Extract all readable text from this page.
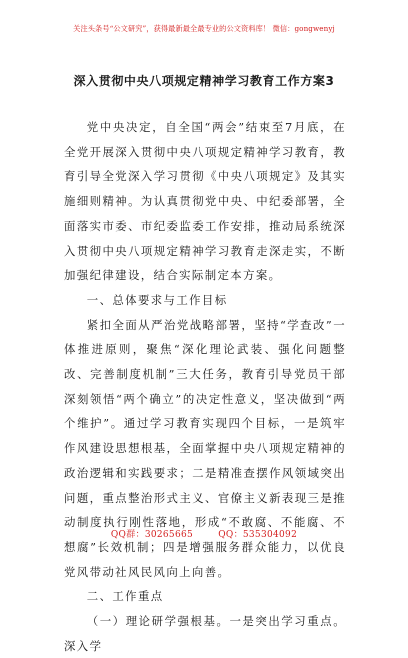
关注头条号“公文研究”，获得最新最全最专业的公文资料库！ 微信：gongwenyj
深入贯彻中央八项规定精神学习教育工作方案3

党中央决定，自全国“两会”结束至7月底，在全党开展深入贯彻中央八项规定精神学习教育，教育引导全党深入学习贯彻《中央八项规定》及其实施细则精神。为认真贯彻党中央、中纪委部署，全面落实市委、市纪委监委工作安排，推动局系统深入贯彻中央八项规定精神学习教育走深走实，不断加强纪律建设，结合实际制定本方案。

一、总体要求与工作目标

紧扣全面从严治党战略部署，坚持“学查改”一体推进原则，聚焦“深化理论武装、强化问题整改、完善制度机制”三大任务，教育引导党员干部深刻领悟“两个确立”的决定性意义，坚决做到“两个维护”。通过学习教育实现四个目标，一是筑牢作风建设思想根基，全面掌握中央八项规定精神的政治逻辑和实践要求；二是精准查摆作风领域突出问题，重点整治形式主义、官僚主义新表现三是推动制度执行刚性落地，形成“不敢腐、不能腐、不想腐”长效机制；四是增强服务群众能力，以优良党风带动社风民风向上向善。

二、工作重点

（一）理论研学强根基。一是突出学习重点。深入学

QQ群：30265665	QQ：535304092
